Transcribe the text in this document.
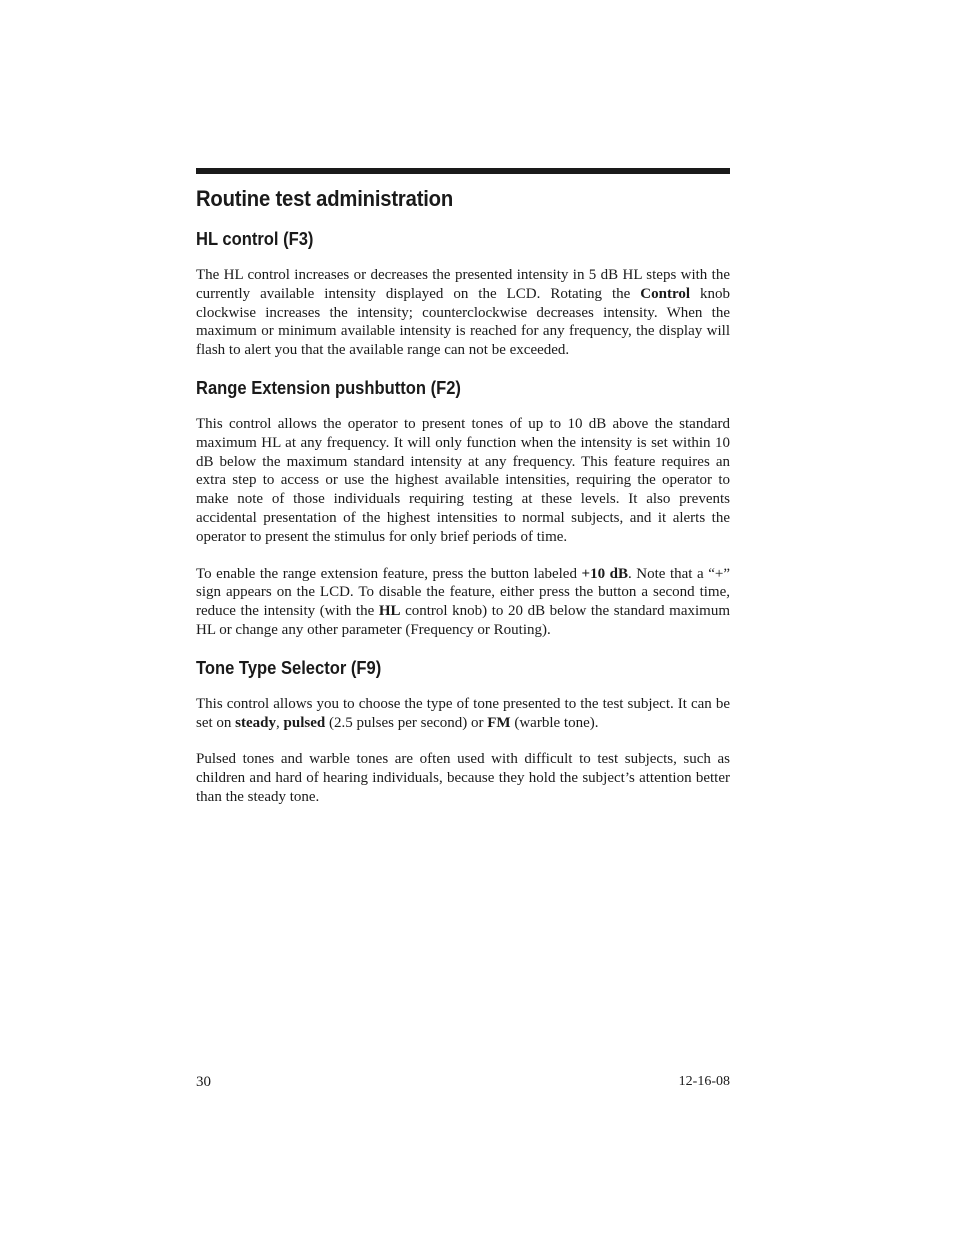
Routine test administration
HL control (F3)

The HL control increases or decreases the presented intensity in 5 dB HL steps with the currently available intensity displayed on the LCD. Rotating the Control knob clockwise increases the intensity; counterclockwise decreases intensity. When the maximum or minimum available intensity is reached for any frequency, the display will flash to alert you that the available range can not be exceeded.

Range Extension pushbutton (F2)

This control allows the operator to present tones of up to 10 dB above the standard maximum HL at any frequency. It will only function when the intensity is set within 10 dB below the maximum standard intensity at any frequency. This feature requires an extra step to access or use the highest available intensities, requiring the operator to make note of those individuals requiring testing at these levels. It also prevents accidental presentation of the highest intensities to normal subjects, and it alerts the operator to present the stimulus for only brief periods of time.

To enable the range extension feature, press the button labeled +10 dB. Note that a “+” sign appears on the LCD. To disable the feature, either press the button a second time, reduce the intensity (with the HL control knob) to 20 dB below the standard maximum HL or change any other parameter (Frequency or Routing).

Tone Type Selector (F9)

This control allows you to choose the type of tone presented to the test subject. It can be set on steady, pulsed (2.5 pulses per second) or FM (warble tone).

Pulsed tones and warble tones are often used with difficult to test subjects, such as children and hard of hearing individuals, because they hold the subject’s attention better than the steady tone.

30	12-16-08
